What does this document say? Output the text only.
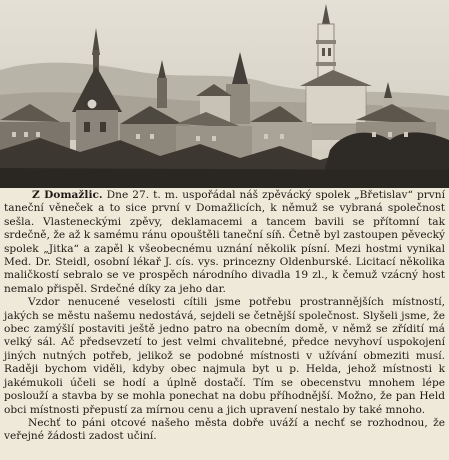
Z Domažlic. Dne 27. t. m. uspořádal náš zpěvácký spolek „Břetislav“ první taneční věneček a to sice první v Domažlicích, k němuž se vybraná společnost sešla. Vlasteneckými zpěvy, deklamacemi a tancem bavili se přítomní tak srdečně, že až k samému ránu opouštěli taneční síň. Četně byl zastoupen pěvecký spolek „Jitka“ a zapěl k všeobecnému uznání několik písní. Mezi hostmi vynikal Med. Dr. Steidl, osobní lékař J. cís. vys. princezny Oldenburské. Licitací několika maličkostí sebralo se ve prospěch národního divadla 19 zl., k čemuž vzácný host nemalo přispěl. Srdečné díky za jeho dar.

Vzdor nenucené veselosti cítili jsme potřebu prostrannějších místností, jakých se městu našemu nedostává, sejdeli se četnější společnost. Slyšeli jsme, že obec zamýšlí postaviti ještě jedno patro na obecním domě, v němž se zřídití má velký sál. Ač předsevzetí to jest velmi chvalitebné, předce nevyhoví uspokojení jiných nutných potřeb, jelikož se podobné místnosti v užívání obmeziti musí. Raději bychom viděli, kdyby obec najmula byt u p. Helda, jehož místnosti k jakémukoli účeli se hodí a úplně dostačí. Tím se obecenstvu mnohem lépe poslouží a stavba by se mohla ponechat na dobu příhodnější. Možno, že pan Held obci místnosti přepustí za mírnou cenu a jich upravení nestalo by také mnoho.

Nechť to páni otcové našeho města dobře uváží a nechť se rozhodnou, že veřejné žádosti zadost učiní.
